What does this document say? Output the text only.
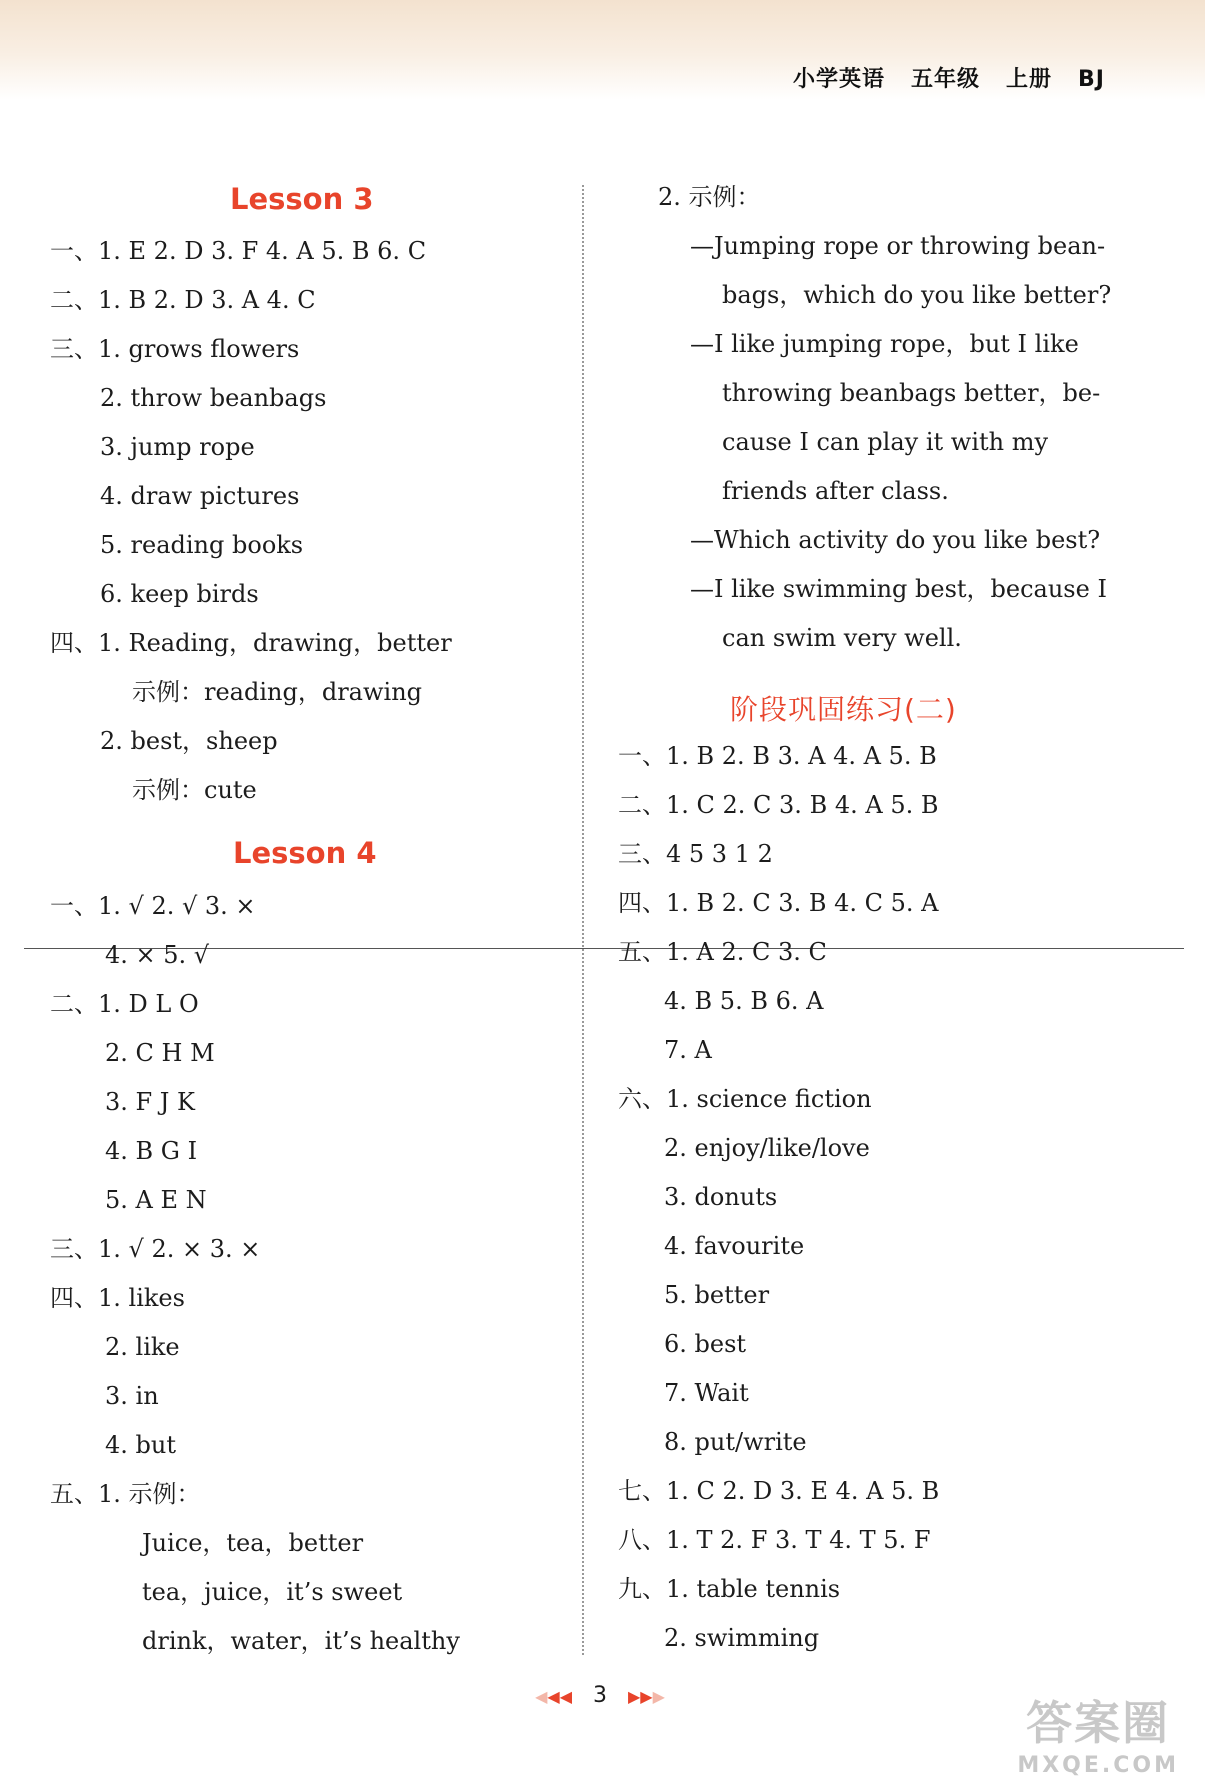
小学英语 五年级 上册 BJ
Lesson 3
一、1. E 2. D 3. F 4. A 5. B 6. C
二、1. B 2. D 3. A 4. C
三、1. grows flowers
2. throw beanbags
3. jump rope
4. draw pictures
5. reading books
6. keep birds
四、1. Reading，drawing，better
示例：reading，drawing
2. best，sheep
示例：cute
Lesson 4
一、1. √ 2. √ 3. ×
4. × 5. √
二、1. D L O
2. C H M
3. F J K
4. B G I
5. A E N
三、1. √ 2. × 3. ×
四、1. likes
2. like
3. in
4. but
五、1. 示例：
Juice，tea，better
tea，juice，it’s sweet
drink，water，it’s healthy
2. 示例：
—Jumping rope or throwing bean-
bags，which do you like better?
—I like jumping rope，but I like
throwing beanbags better，be-
cause I can play it with my
friends after class.
—Which activity do you like best?
—I like swimming best，because I
can swim very well.
阶段巩固练习(二)
一、1. B 2. B 3. A 4. A 5. B
二、1. C 2. C 3. B 4. A 5. B
三、4 5 3 1 2
四、1. B 2. C 3. B 4. C 5. A
五、1. A 2. C 3. C
4. B 5. B 6. A
7. A
六、1. science fiction
2. enjoy/like/love
3. donuts
4. favourite
5. better
6. best
7. Wait
8. put/write
七、1. C 2. D 3. E 4. A 5. B
八、1. T 2. F 3. T 4. T 5. F
九、1. table tennis
2. swimming
◀◀◀ 3 ▶▶▶	答案圈
MXQE.COM
